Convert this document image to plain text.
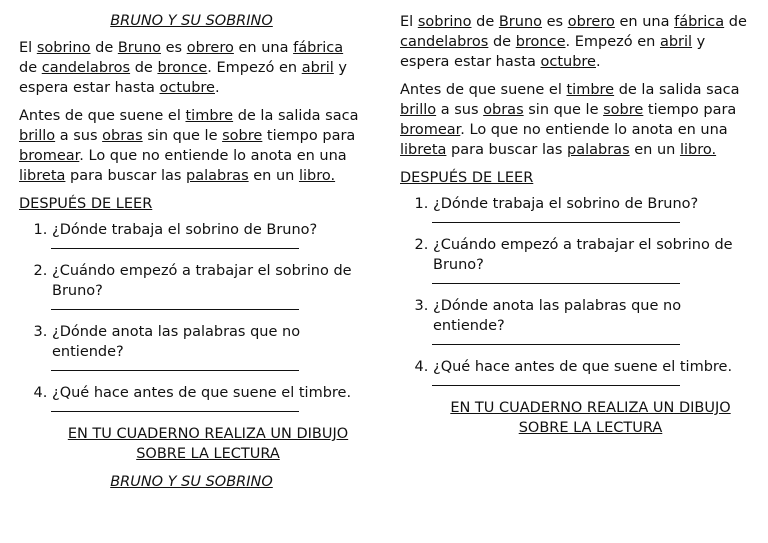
BRUNO Y SU SOBRINO

El sobrino de Bruno es obrero en una fábrica de candelabros de bronce. Empezó en abril y espera estar hasta octubre.

Antes de que suene el timbre de la salida saca brillo a sus obras sin que le sobre tiempo para bromear. Lo que no entiende lo anota en una libreta para buscar las palabras en un libro.

DESPUÉS DE LEER
1. ¿Dónde trabaja el sobrino de Bruno?
2. ¿Cuándo empezó a trabajar el sobrino de Bruno?
3. ¿Dónde anota las palabras que no entiende?
4. ¿Qué hace antes de que suene el timbre.
EN TU CUADERNO REALIZA UN DIBUJO SOBRE LA LECTURA
BRUNO Y SU SOBRINO

El sobrino de Bruno es obrero en una fábrica de candelabros de bronce. Empezó en abril y espera estar hasta octubre.

Antes de que suene el timbre de la salida saca brillo a sus obras sin que le sobre tiempo para bromear. Lo que no entiende lo anota en una libreta para buscar las palabras en un libro.

DESPUÉS DE LEER
1. ¿Dónde trabaja el sobrino de Bruno?
2. ¿Cuándo empezó a trabajar el sobrino de Bruno?
3. ¿Dónde anota las palabras que no entiende?
4. ¿Qué hace antes de que suene el timbre.
EN TU CUADERNO REALIZA UN DIBUJO SOBRE LA LECTURA
